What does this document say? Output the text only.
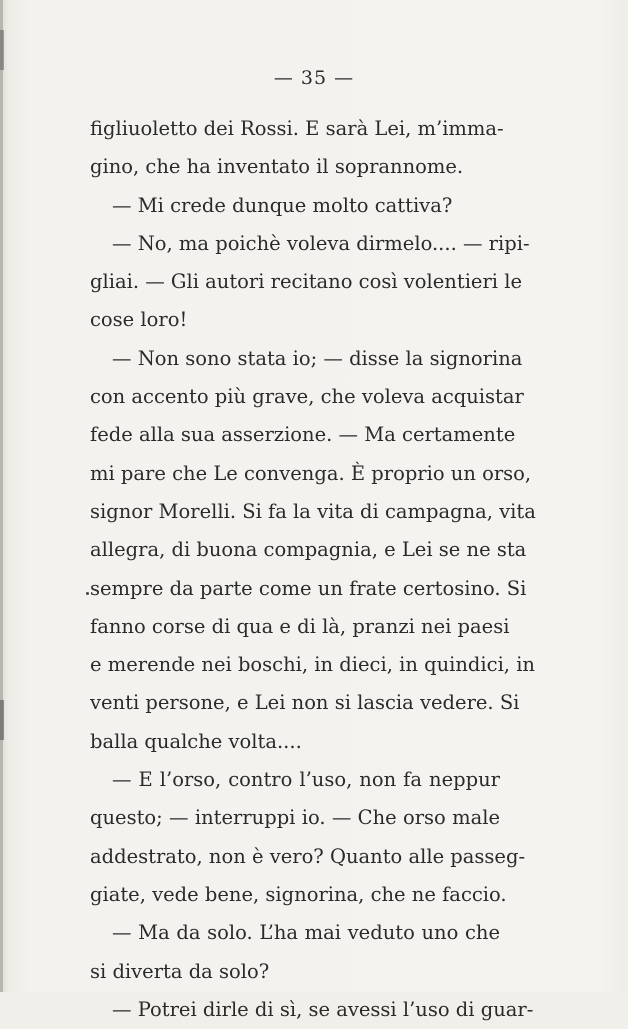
— 35 —
figliuoletto dei Rossi. E sarà Lei, m’imma-
gino, che ha inventato il soprannome.
— Mi crede dunque molto cattiva?
— No, ma poichè voleva dirmelo.... — ripi-
gliai. — Gli autori recitano così volentieri le
cose loro!
— Non sono stata io; — disse la signorina
con accento più grave, che voleva acquistar
fede alla sua asserzione. — Ma certamente
mi pare che Le convenga. È proprio un orso,
signor Morelli. Si fa la vita di campagna, vita
allegra, di buona compagnia, e Lei se ne sta
sempre da parte come un frate certosino. Si
fanno corse di qua e di là, pranzi nei paesi
e merende nei boschi, in dieci, in quindici, in
venti persone, e Lei non si lascia vedere. Si
balla qualche volta....
— E l’orso, contro l’uso, non fa neppur
questo; — interruppi io. — Che orso male
addestrato, non è vero? Quanto alle passeg-
giate, vede bene, signorina, che ne faccio.
— Ma da solo. L’ha mai veduto uno che
si diverta da solo?
— Potrei dirle di sì, se avessi l’uso di guar-
